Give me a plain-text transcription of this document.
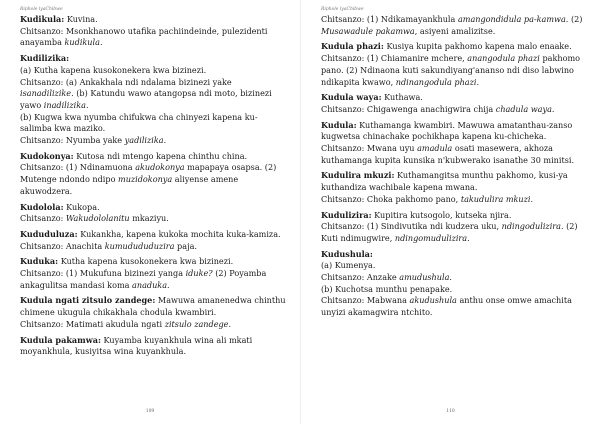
Riphole lyaChibwe

Kudikula: Kuvina.

Chitsanzo: Msonkhanowo utafika pachiindeinde, pulezidenti anayamba kudikula.

Kudilizika:

(a) Kutha kapena kusokonekera kwa bizinezi.

Chitsanzo: (a) Ankakhala ndi ndalama bizinezi yake isanadilizike. (b) Katundu wawo atangopsa ndi moto, bizinezi yawo inadilizika.

(b) Kugwa kwa nyumba chifukwa cha chinyezi kapena ku-salimba kwa maziko.

Chitsanzo: Nyumba yake yadilizika.

Kudokonya: Kutosa ndi mtengo kapena chinthu china.

Chitsanzo: (1) Ndinamuona akudokonya mapapaya osapsa. (2) Mutenge ndondo ndipo muzidokonya aliyense amene akuwodzera.

Kudolola: Kukopa.

Chitsanzo: Wakudololanitu mkaziyu.

Kududuluza: Kukankha, kapena kukoka mochita kuka-kamiza.

Chitsanzo: Anachita kumudududuzira paja.

Kuduka: Kutha kapena kusokonekera kwa bizinezi.

Chitsanzo: (1) Mukufuna bizinezi yanga iduke? (2) Poyamba ankagulitsa mandasi koma anaduka.

Kudula ngati zitsulo zandege: Mawuwa amanenedwa chinthu chimene ukugula chikakhala chodula kwambiri.

Chitsanzo: Matimati akudula ngati zitsulo zandege.

Kudula pakamwa: Kuyamba kuyankhula wina ali mkati moyankhula, kusiyitsa wina kuyankhula.

109
Riphole lyaChibwe

Chitsanzo: (1) Ndikamayankhula amangondidula pa-kamwa. (2) Musawadule pakamwa, asiyeni amalizitse.

Kudula phazi: Kusiya kupita pakhomo kapena malo enaake.

Chitsanzo: (1) Chiamanire mchere, anangodula phazi pakhomo pano. (2) Ndinaona kuti sakundiyang'ananso ndi diso labwino ndikapita kwawo, ndinangodula phazi.

Kudula waya: Kuthawa.

Chitsanzo: Chigawenga anachigwira chija chadula waya.

Kudula: Kuthamanga kwambiri. Mawuwa amatanthau-zanso kugwetsa chinachake pochikhapa kapena ku-chicheka.

Chitsanzo: Mwana uyu amadula osati masewera, akhoza kuthamanga kupita kunsika n'kubwerako isanathe 30 minitsi.

Kudulira mkuzi: Kuthamangitsa munthu pakhomo, kusi-ya kuthandiza wachibale kapena mwana.

Chitsanzo: Choka pakhomo pano, takudulira mkuzi.

Kudulizira: Kupitira kutsogolo, kutseka njira.

Chitsanzo: (1) Sindivutika ndi kudzera uku, ndingodulizira. (2) Kuti ndimugwire, ndingomudulizira.

Kudushula:

(a) Kumenya.

Chitsanzo: Anzake amudushula.

(b) Kuchotsa munthu penapake.

Chitsanzo: Mabwana akudushula anthu onse omwe amachita unyizi akamagwira ntchito.

110
